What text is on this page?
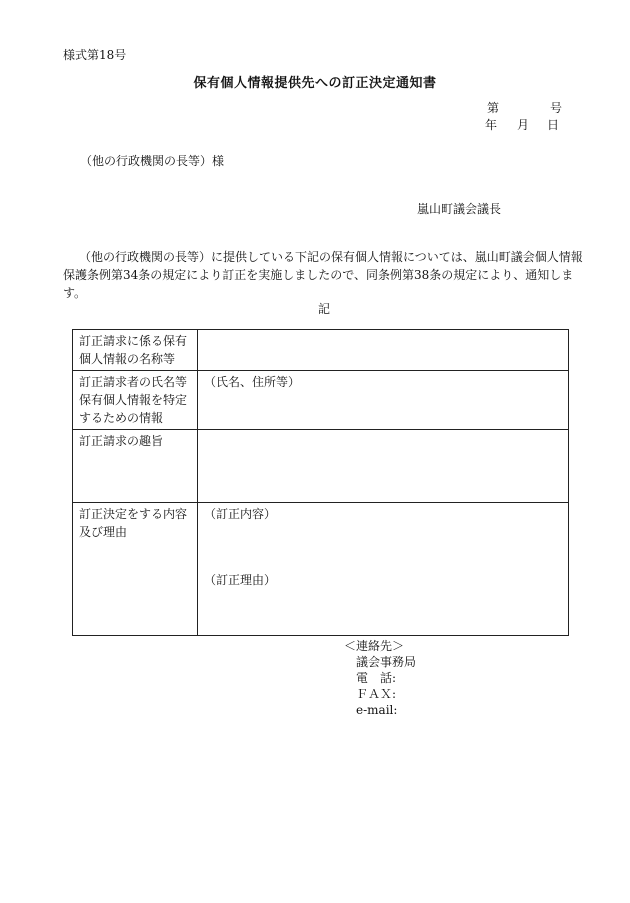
様式第18号
保有個人情報提供先への訂正決定通知書
第	号
年 月 日
（他の行政機関の長等）様
嵐山町議会議長
（他の行政機関の長等）に提供している下記の保有個人情報については、嵐山町議会個人情報保護条例第34条の規定により訂正を実施しましたので、同条例第38条の規定により、通知します。
記
訂正請求に係る保有個人情報の名称等	
訂正請求者の氏名等保有個人情報を特定するための情報	（氏名、住所等）
訂正請求の趣旨	
訂正決定をする内容及び理由	（訂正内容）
（訂正理由）
＜連絡先＞
議会事務局
電　話:
ＦＡＸ:
e-mail:
